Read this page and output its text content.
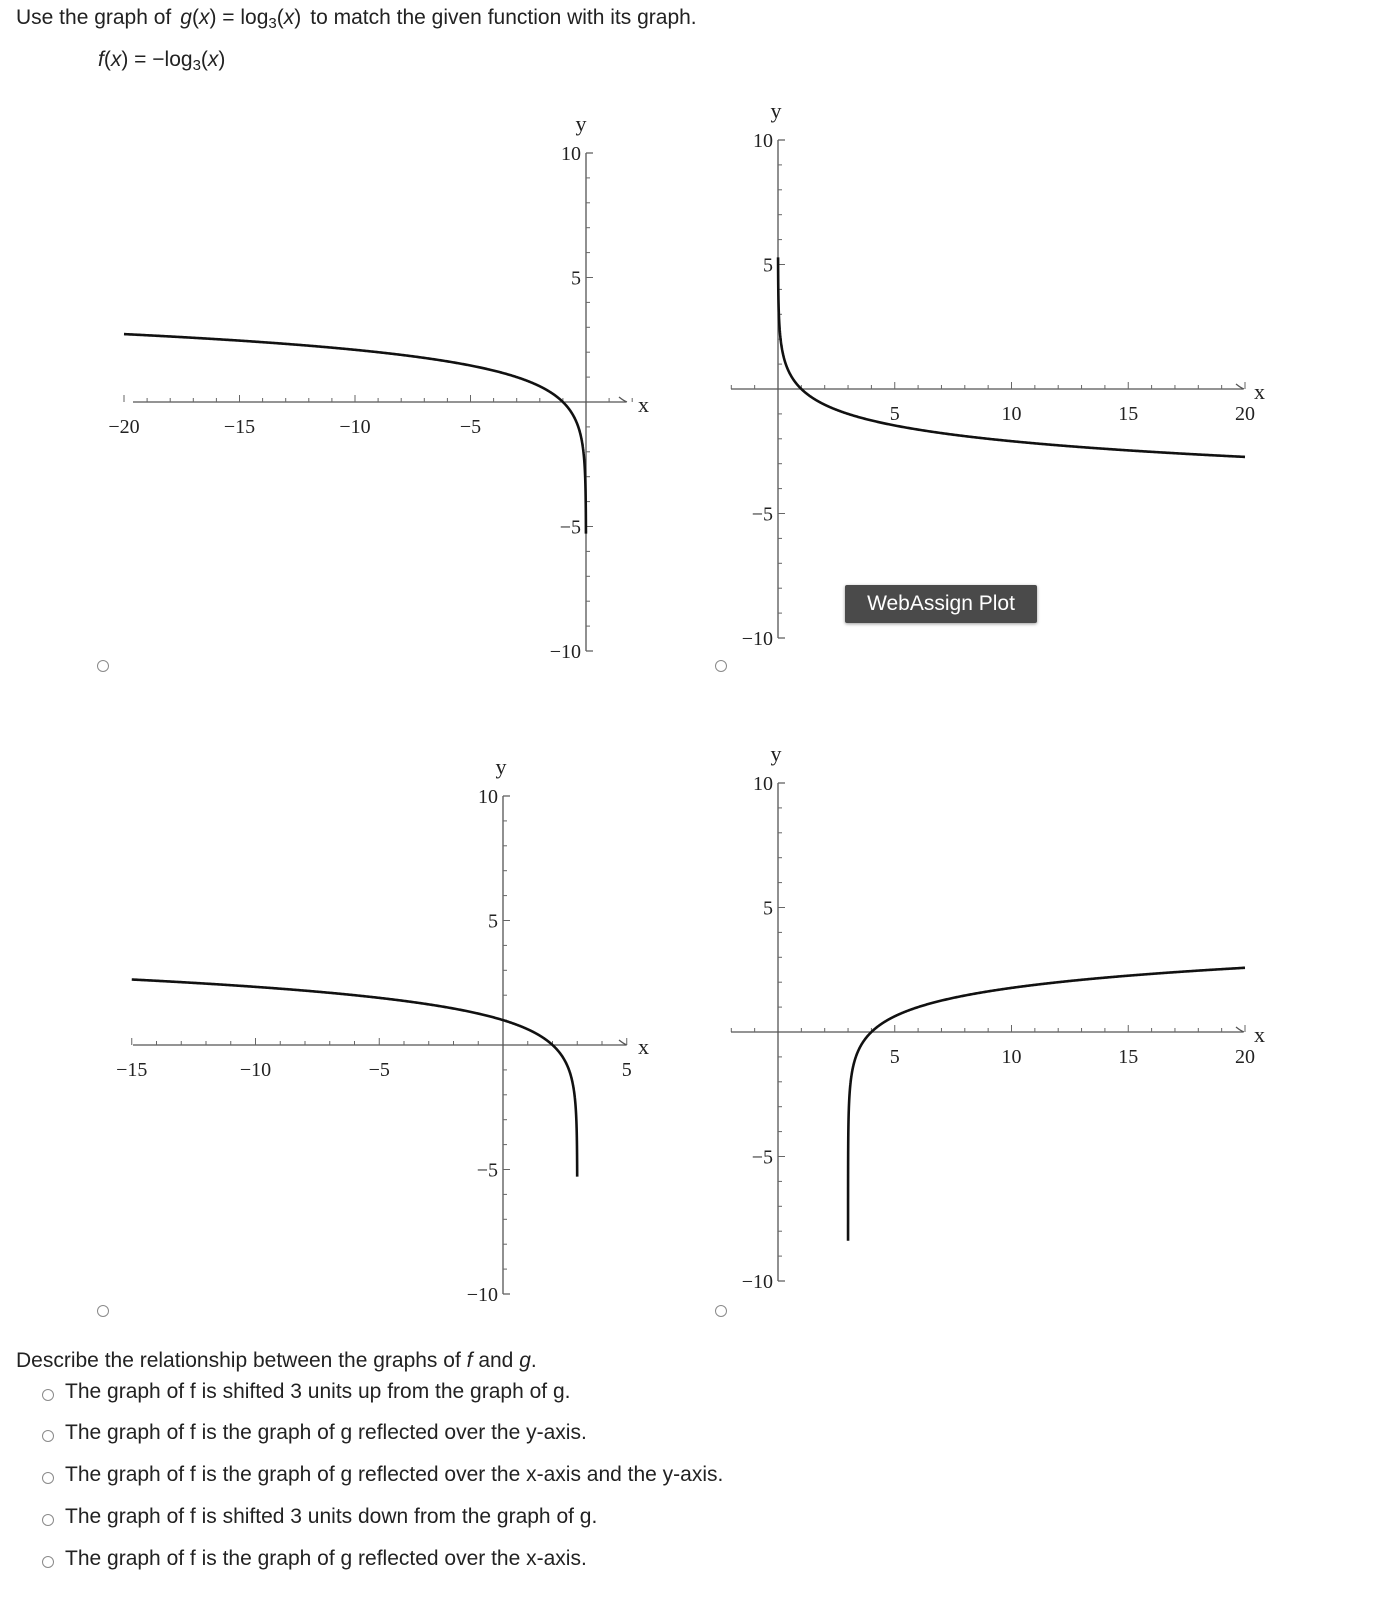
Use the graph of $g(x) = \log_3(x)$ to match the given function with its graph.
$f(x) = -\log_3(x)$
−20	−15	−10	−5
10
5
−5
−10
x
y
5	10	15	20
10
5
−5
−10
x
y
−15	−10	−5	5
10
5
−5
−10
x
y
5	10	15	20
10
5
−5
−10
x
y
WebAssign Plot
Describe the relationship between the graphs of f and g.
The graph of f is shifted 3 units up from the graph of g.
The graph of f is the graph of g reflected over the y-axis.
The graph of f is the graph of g reflected over the x-axis and the y-axis.
The graph of f is shifted 3 units down from the graph of g.
The graph of f is the graph of g reflected over the x-axis.
